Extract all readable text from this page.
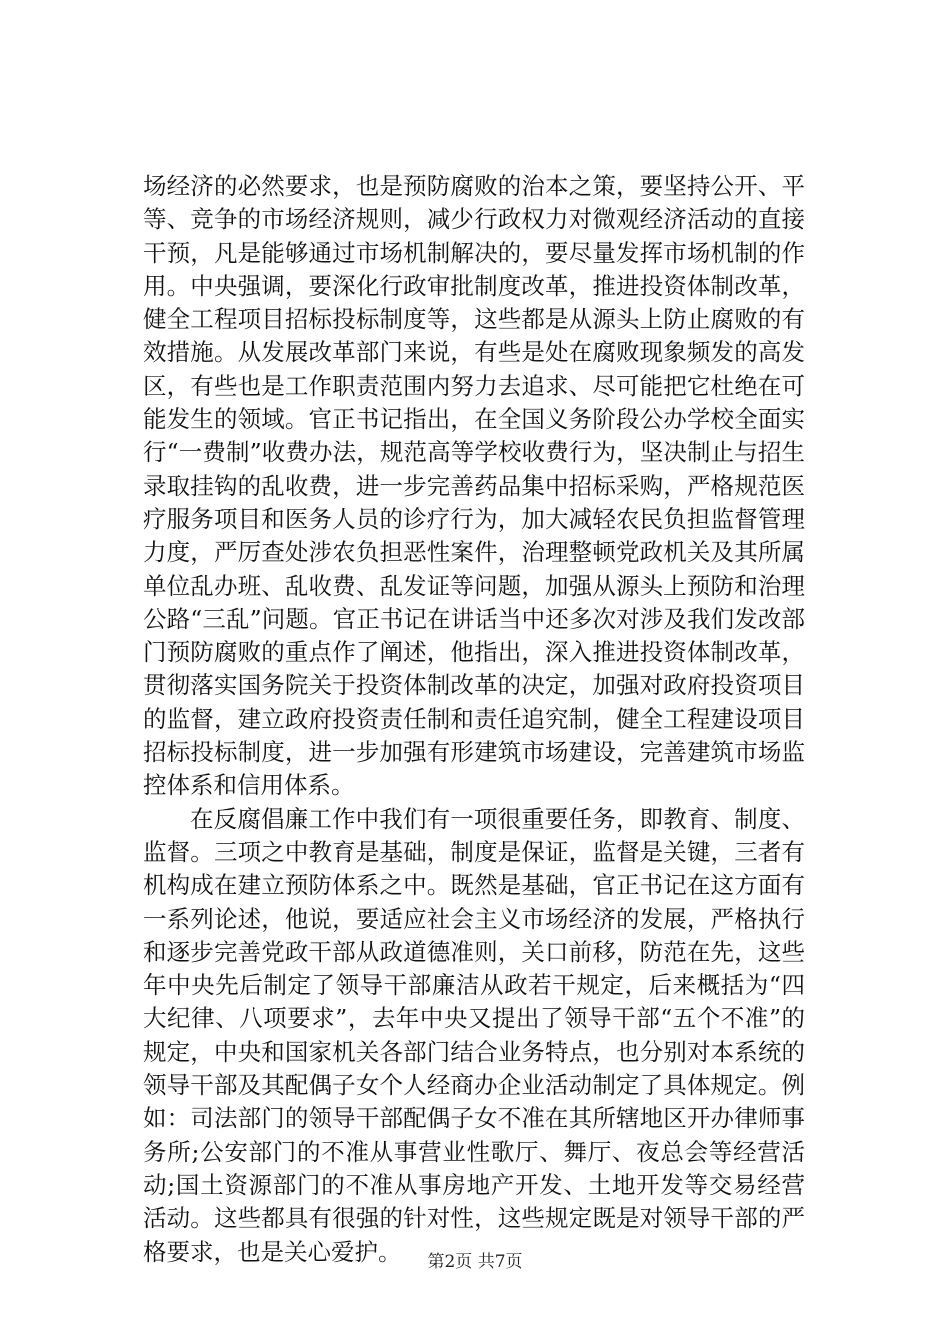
场经济的必然要求，也是预防腐败的治本之策，要坚持公开、平等、竞争的市场经济规则，减少行政权力对微观经济活动的直接干预，凡是能够通过市场机制解决的，要尽量发挥市场机制的作用。中央强调，要深化行政审批制度改革，推进投资体制改革，健全工程项目招标投标制度等，这些都是从源头上防止腐败的有效措施。从发展改革部门来说，有些是处在腐败现象频发的高发区，有些也是工作职责范围内努力去追求、尽可能把它杜绝在可能发生的领域。官正书记指出，在全国义务阶段公办学校全面实行“一费制”收费办法，规范高等学校收费行为，坚决制止与招生录取挂钩的乱收费，进一步完善药品集中招标采购，严格规范医疗服务项目和医务人员的诊疗行为，加大减轻农民负担监督管理力度，严厉查处涉农负担恶性案件，治理整顿党政机关及其所属单位乱办班、乱收费、乱发证等问题，加强从源头上预防和治理公路“三乱”问题。官正书记在讲话当中还多次对涉及我们发改部门预防腐败的重点作了阐述，他指出，深入推进投资体制改革，贯彻落实国务院关于投资体制改革的决定，加强对政府投资项目的监督，建立政府投资责任制和责任追究制，健全工程建设项目招标投标制度，进一步加强有形建筑市场建设，完善建筑市场监控体系和信用体系。

在反腐倡廉工作中我们有一项很重要任务，即教育、制度、监督。三项之中教育是基础，制度是保证，监督是关键，三者有机构成在建立预防体系之中。既然是基础，官正书记在这方面有一系列论述，他说，要适应社会主义市场经济的发展，严格执行和逐步完善党政干部从政道德准则，关口前移，防范在先，这些年中央先后制定了领导干部廉洁从政若干规定，后来概括为“四大纪律、八项要求”，去年中央又提出了领导干部“五个不准”的规定，中央和国家机关各部门结合业务特点，也分别对本系统的领导干部及其配偶子女个人经商办企业活动制定了具体规定。例如：司法部门的领导干部配偶子女不准在其所辖地区开办律师事务所;公安部门的不准从事营业性歌厅、舞厅、夜总会等经营活动;国土资源部门的不准从事房地产开发、土地开发等交易经营活动。这些都具有很强的针对性，这些规定既是对领导干部的严格要求，也是关心爱护。	第2页 共7页
